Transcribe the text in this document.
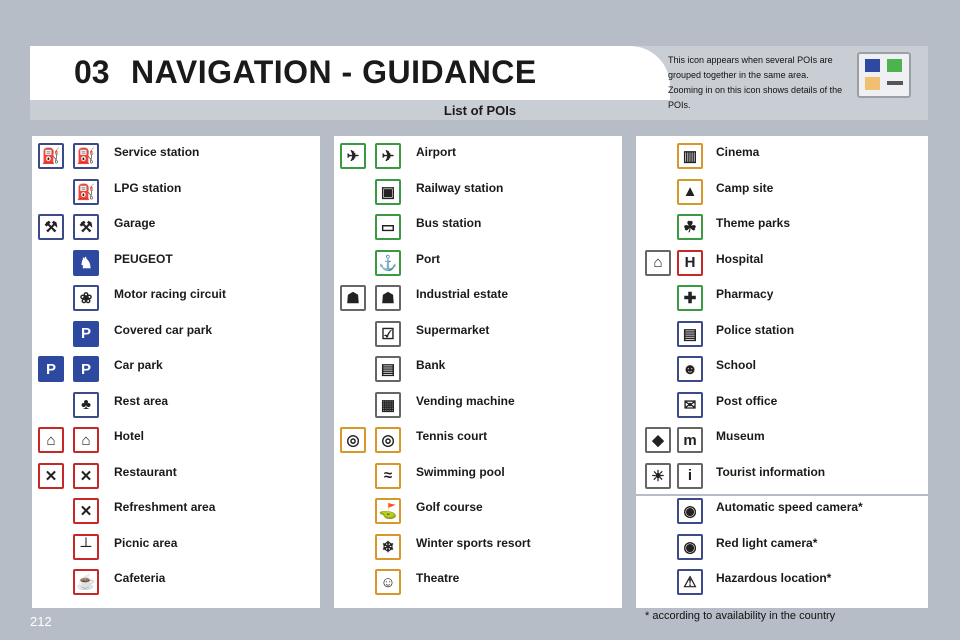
03 NAVIGATION - GUIDANCE
List of POIs
This icon appears when several POIs are grouped together in the same area. Zooming in on this icon shows details of the POIs.
⛽ ⛽	Service station
⛽	LPG station
⚒	⚒	Garage
♞	PEUGEOT
❀	Motor racing circuit
P	Covered car park
P	P	Car park
♣	Rest area
⌂	⌂	Hotel
✕	✕	Restaurant
✕	Refreshment area
┴	Picnic area
☕	Cafeteria
✈	✈	Airport
▣	Railway station
▭	Bus station
⚓	Port
☗	☗	Industrial estate
☑	Supermarket
▤	Bank
▦	Vending machine
◎	◎	Tennis court
≈	Swimming pool
⛳	Golf course
❄	Winter sports resort
☺	Theatre
▥	Cinema
▲	Camp site
☘	Theme parks
⌂	H	Hospital
✚	Pharmacy
▤	Police station
☻	School
✉	Post office
◆	m	Museum
☀	i	Tourist information
◉	Automatic speed camera*
◉	Red light camera*
⚠	Hazardous location*
* according to availability in the country
212
